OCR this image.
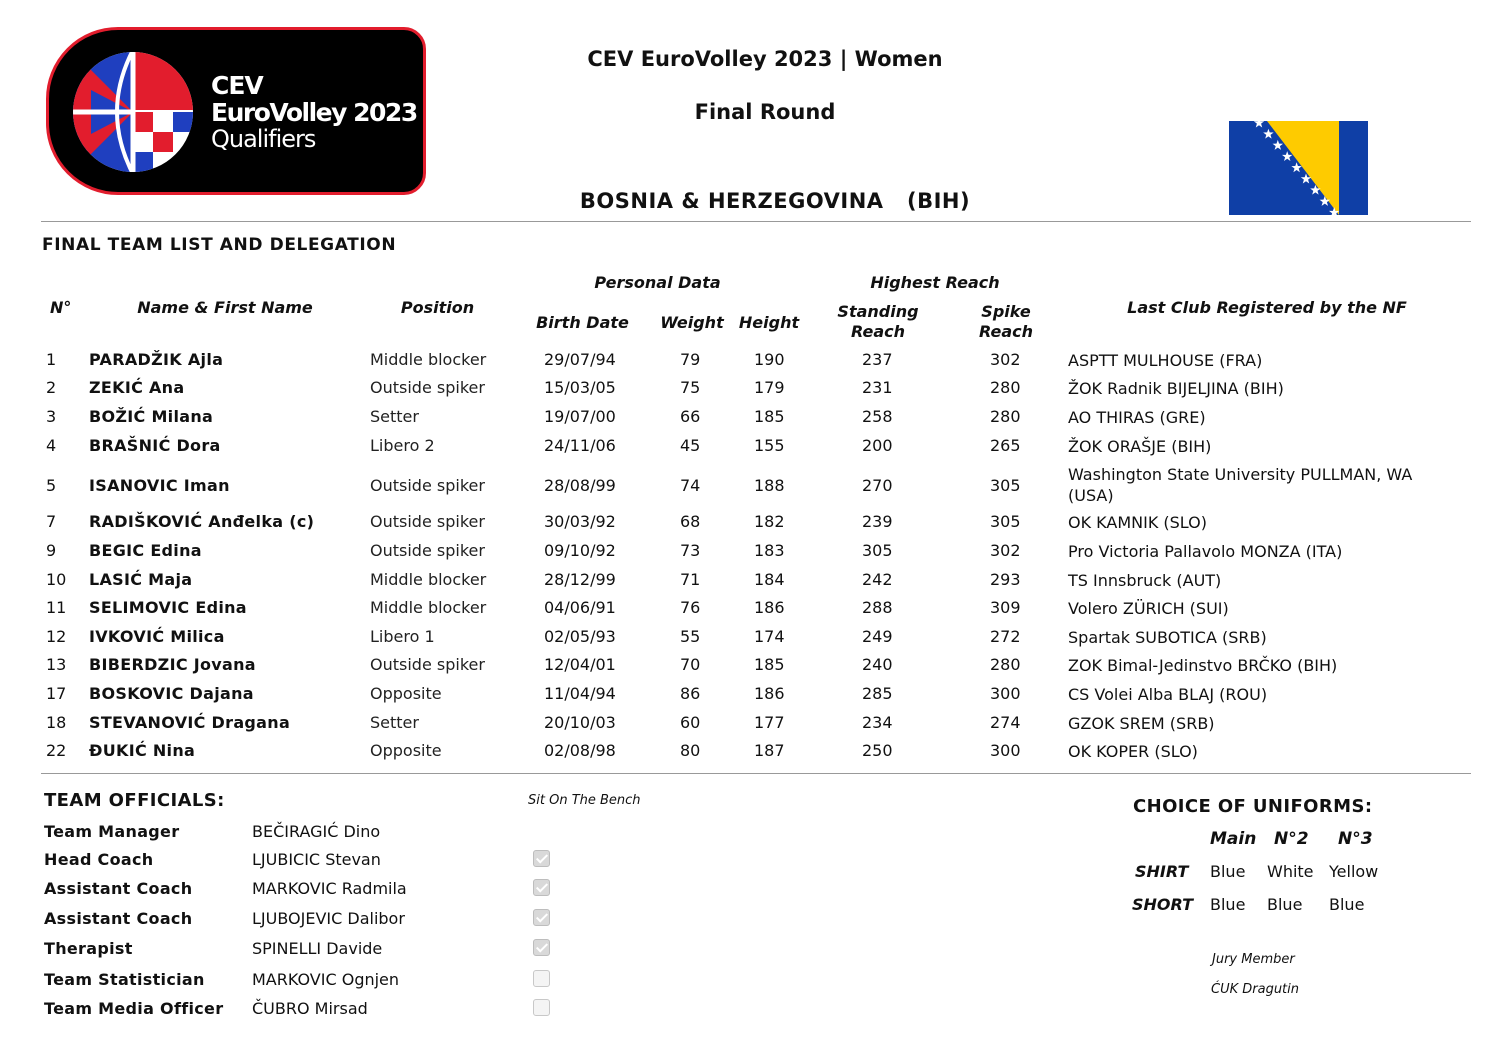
CEV
EuroVolley 2023
Qualifiers
CEV EuroVolley 2023 | Women
Final Round
BOSNIA & HERZEGOVINA   (BIH)
FINAL TEAM LIST AND DELEGATION
N°	Name & First Name	Position
Personal Data
Birth Date	Weight Height
Highest Reach
Standing
Reach
Spike
Reach
Last Club Registered by the NF
1 PARADŽIK Ajla	Middle blocker	29/07/94	79	190	237	302	ASPTT MULHOUSE (FRA)
2 ZEKIĆ Ana	Outside spiker	15/03/05	75	179	231	280	ŽOK Radnik BIJELJINA (BIH)
3 BOŽIĆ Milana	Setter	19/07/00	66	185	258	280	AO THIRAS (GRE)
4 BRAŠNIĆ Dora	Libero 2	24/11/06	45	155	200	265	ŽOK ORAŠJE (BIH)
5 ISANOVIC Iman	Outside spiker	28/08/99	74	188	270	305
Washington State University PULLMAN, WA (USA)
7 RADIŠKOVIĆ Anđelka (c)	Outside spiker	30/03/92	68	182	239	305	OK KAMNIK (SLO)
9 BEGIC Edina	Outside spiker	09/10/92	73	183	305	302	Pro Victoria Pallavolo MONZA (ITA)
10 LASIĆ Maja	Middle blocker	28/12/99	71	184	242	293	TS Innsbruck (AUT)
11 SELIMOVIC Edina	Middle blocker	04/06/91	76	186	288	309	Volero ZÜRICH (SUI)
12 IVKOVIĆ Milica	Libero 1	02/05/93	55	174	249	272	Spartak SUBOTICA (SRB)
13 BIBERDZIC Jovana	Outside spiker	12/04/01	70	185	240	280	ZOK Bimal-Jedinstvo BRČKO (BIH)
17 BOSKOVIC Dajana	Opposite	11/04/94	86	186	285	300	CS Volei Alba BLAJ (ROU)
18 STEVANOVIĆ Dragana	Setter	20/10/03	60	177	234	274	GZOK SREM (SRB)
22 ĐUKIĆ Nina	Opposite	02/08/98	80	187	250	300	OK KOPER (SLO)
TEAM OFFICIALS:	Sit On The Bench
Team Manager	BEČIRAGIĆ Dino
Head Coach	LJUBICIC Stevan
Assistant Coach	MARKOVIC Radmila
Assistant Coach	LJUBOJEVIC Dalibor
Therapist	SPINELLI Davide
Team Statistician	MARKOVIC Ognjen
Team Media Officer ČUBRO Mirsad
CHOICE OF UNIFORMS:
Main N°2 N°3
SHIRT Blue White Yellow
SHORT Blue Blue Blue
Jury Member
ĆUK Dragutin
